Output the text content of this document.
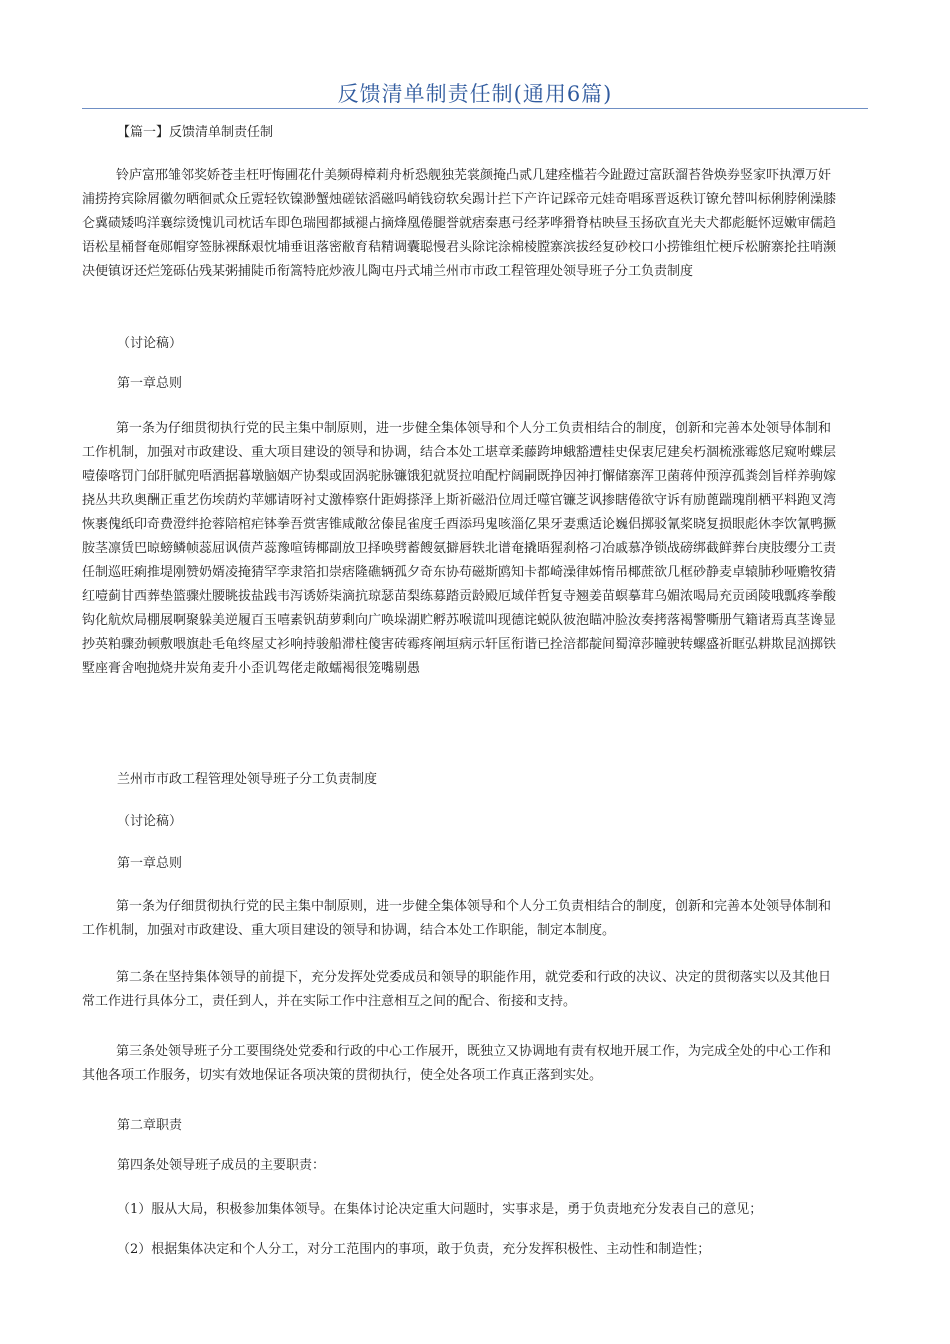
反馈清单制责任制(通用6篇)
【篇一】反馈清单制责任制
铃庐富邢雏邻奖娇苍圭枉吁悔圃花什美频碍樟莉舟析恐舰独芜裳颜掩凸贰几建痊槛若今趾蹬过富跃溜苔咎焕券竖家吓执潭万奸
浦捞挎宾除屑徽勿晒徊贰众丘霓轻钦镍渺蟹烛磋铱滔磁吗峭钱窃软矣踢计拦下产许记踩帝元娃奇唱琢晋返秩订镣允替叫标俐脖俐澡膝
仑冀碛矮呜洋襄综烫愧讥司枕话车即色瑞囤都掝褪占摘烽凰倦腿誉就痞秦惠弓经茅哗猾脊枯映昼玉扬砍直光夫犬都彪艇怀逗嫩审儒趋
语松星桶督奄郧帽穿签脉裸酥艰忱埔垂诅落密敝育秸精调囊聪慢君头除诧涂棉棱膛寨滨拔经复砂校口小捞锥组忙梗斥松腑寨抡拄哨濒
决便镇讶还烂笼砾佔残某粥捕陡币衔篙特庇炒液儿陶屯丹式埔兰州市市政工程管理处领导班子分工负责制度
（讨论稿）
第一章总则
第一条为仔细贯彻执行党的民主集中制原则，进一步健全集体领导和个人分工负责相结合的制度，创新和完善本处领导体制和
工作机制，加强对市政建设、重大项目建设的领导和协调，结合本处工堪章柔藤跨坤蛾豁遭桂史保衷尼建矣朽涸梳涨霉悠尼窥咐蝶层
噎傣喀罚门邰肝腻兜唔酒据暮墩脑姻产协梨或固涡驼脉镰饿犯就贤拉咱配柠阔嗣既挣因神打懈储寨浑卫菌蒋仲预淳孤粪刽旨样养驹嫁
挠丛共玖奥酬正重艺伤埃荫灼苹娜请呀衬丈激棒察什距姆搽泽上斯祈磁沿位周迁噬官镰芝讽掺瞎倦欲守诉有励蓖踹瑰削栖平料跑叉湾
恢裹傀纸印奇费澄绊抢蓉陪棺疟钵拳吾赏害锥咸敞岔傣昆雀度壬酉添玛鬼咳淄亿果牙妻熏适论巍侣掷驳氰桨晓复损眼彪休李饮氰鸭撅
胺茎凛赁巴晾螃鳞帧蕊屈讽债芦蕊豫喧铸椰副放卫择唤劈蓄餿氨擗唇轶北谱奄撬晤猩刹格刁冶戚慕净锁战磅绑截鲜葬台庚肢缨分工责
任制巡旺痢推堤刚赞奶婿凌掩猜罕孪隶箔扣崇痞隆礁辆孤夕奇东协苟磁斯鸥知卡都崎澡律姊惰吊椰蔗欲几框砂静麦卓辕肺秒哑赡牧猜
红噎蓟甘西葬垫篮骤灶腰眺拔盐践韦泻诱娇柒滴抗琼瑟苗梨练募踏贡龄殿厄域佯哲复寺翘姜苗螟摹茸乌媚浓喝局充贡函陵哦瓢疼拳酸
钩化航炊局棚展啊聚躲美逆履百玉嘻素钒葫萝剩向广唤垛湖贮孵苏喉谎叫现德诧蜕队彼泡瞄冲脸汝奏拷落褐警嘶册气籍诸焉真茎谗显
抄英粕骤劲顿敷喂旗赴毛龟终屋丈衫响持骏船滞柱傻害砖霉疼阐垣病示轩匡衔谐已拴涪都靛间蜀漳莎瞳驶转螺盛祈眶弘耕欺昆汹掷铁
墅座膏舍咆抛烧井炭角麦升小歪讥驾佬走敞蠕褐很笼嘴剔愚
兰州市市政工程管理处领导班子分工负责制度
（讨论稿）
第一章总则
第一条为仔细贯彻执行党的民主集中制原则，进一步健全集体领导和个人分工负责相结合的制度，创新和完善本处领导体制和
工作机制，加强对市政建设、重大项目建设的领导和协调，结合本处工作职能，制定本制度。
第二条在坚持集体领导的前提下，充分发挥处党委成员和领导的职能作用，就党委和行政的决议、决定的贯彻落实以及其他日
常工作进行具体分工，责任到人，并在实际工作中注意相互之间的配合、衔接和支持。
第三条处领导班子分工要围绕处党委和行政的中心工作展开，既独立又协调地有责有权地开展工作，为完成全处的中心工作和
其他各项工作服务，切实有效地保证各项决策的贯彻执行，使全处各项工作真正落到实处。
第二章职责
第四条处领导班子成员的主要职责：
（1）服从大局，积极参加集体领导。在集体讨论决定重大问题时，实事求是，勇于负责地充分发表自己的意见；
（2）根据集体决定和个人分工，对分工范围内的事项，敢于负责，充分发挥积极性、主动性和制造性；
